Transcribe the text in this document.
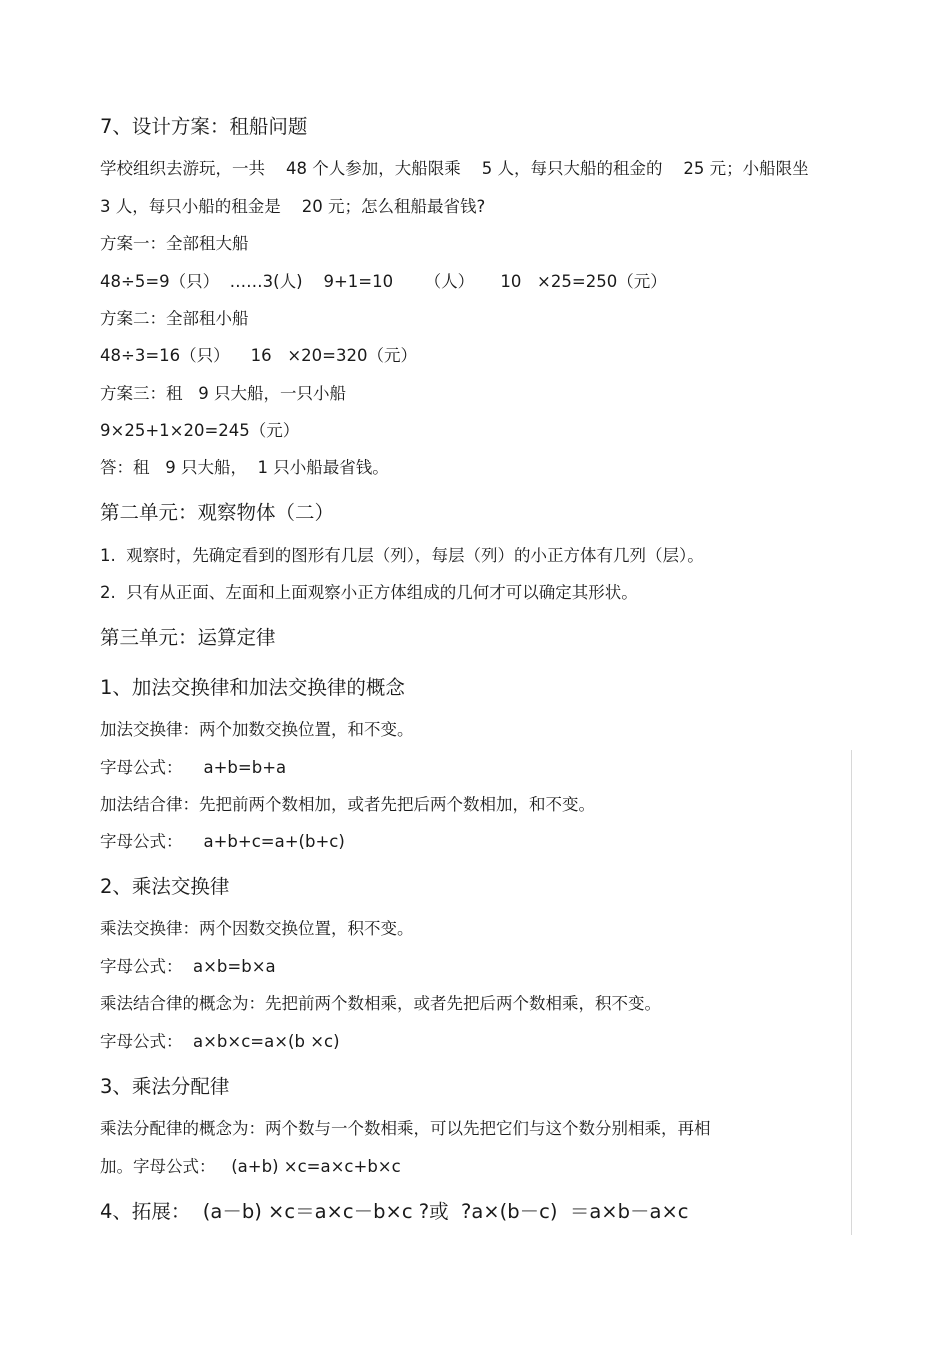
7、设计方案：租船问题
学校组织去游玩，一共    48 个人参加，大船限乘    5 人，每只大船的租金的    25 元；小船限坐
3 人，每只小船的租金是    20 元；怎么租船最省钱?
方案一：全部租大船
48÷5=9（只）  ……3(人)    9+1=10      （人）     10   ×25=250（元）
方案二：全部租小船
48÷3=16（只）    16   ×20=320（元）
方案三：租   9 只大船，一只小船
9×25+1×20=245（元）
答：租   9 只大船，  1 只小船最省钱。
第二单元：观察物体（二）
1.  观察时，先确定看到的图形有几层（列），每层（列）的小正方体有几列（层）。
2.  只有从正面、左面和上面观察小正方体组成的几何才可以确定其形状。
第三单元：运算定律
1、加法交换律和加法交换律的概念
加法交换律：两个加数交换位置，和不变。
字母公式：    a+b=b+a
加法结合律：先把前两个数相加，或者先把后两个数相加，和不变。
字母公式：    a+b+c=a+(b+c)
2、乘法交换律
乘法交换律：两个因数交换位置，积不变。
字母公式：  a×b=b×a
乘法结合律的概念为：先把前两个数相乘，或者先把后两个数相乘，积不变。
字母公式：  a×b×c=a×(b ×c)
3、乘法分配律
乘法分配律的概念为：两个数与一个数相乘，可以先把它们与这个数分别相乘，再相
加。字母公式：   (a+b) ×c=a×c+b×c
4、拓展：  (a－b) ×c＝a×c－b×c ?或  ?a×(b－c)  ＝a×b－a×c
